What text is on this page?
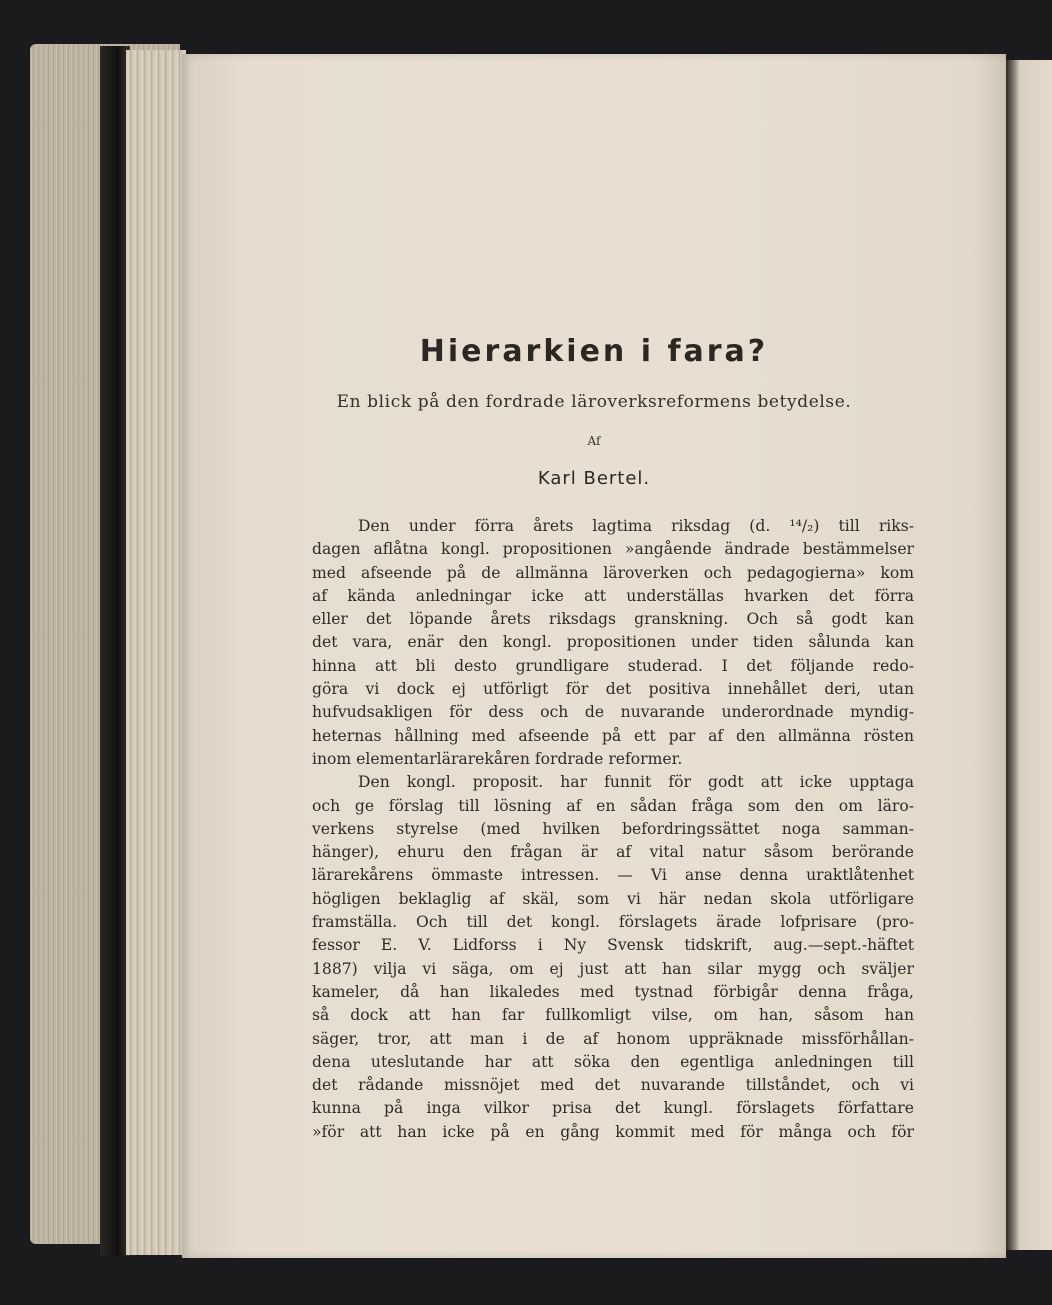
Hierarkien i fara?
En blick på den fordrade läroverksreformens betydelse.
Af
Karl Bertel.
Den under förra årets lagtima riksdag (d. ¹⁴/₂) till riks-
dagen aflåtna kongl. propositionen »angående ändrade bestämmelser
med afseende på de allmänna läroverken och pedagogierna» kom
af kända anledningar icke att underställas hvarken det förra
eller det löpande årets riksdags granskning. Och så godt kan
det vara, enär den kongl. propositionen under tiden sålunda kan
hinna att bli desto grundligare studerad. I det följande redo-
göra vi dock ej utförligt för det positiva innehållet deri, utan
hufvudsakligen för dess och de nuvarande underordnade myndig-
heternas hållning med afseende på ett par af den allmänna rösten
inom elementarlärarekåren fordrade reformer.
Den kongl. proposit. har funnit för godt att icke upptaga
och ge förslag till lösning af en sådan fråga som den om läro-
verkens styrelse (med hvilken befordringssättet noga samman-
hänger), ehuru den frågan är af vital natur såsom berörande
lärarekårens ömmaste intressen. — Vi anse denna uraktlåtenhet
högligen beklaglig af skäl, som vi här nedan skola utförligare
framställa. Och till det kongl. förslagets ärade lofprisare (pro-
fessor E. V. Lidforss i Ny Svensk tidskrift, aug.—sept.-häftet
1887) vilja vi säga, om ej just att han silar mygg och sväljer
kameler, då han likaledes med tystnad förbigår denna fråga,
så dock att han far fullkomligt vilse, om han, såsom han
säger, tror, att man i de af honom uppräknade missförhållan-
dena uteslutande har att söka den egentliga anledningen till
det rådande missnöjet med det nuvarande tillståndet, och vi
kunna på inga vilkor prisa det kungl. förslagets författare
»för att han icke på en gång kommit med för många och för
